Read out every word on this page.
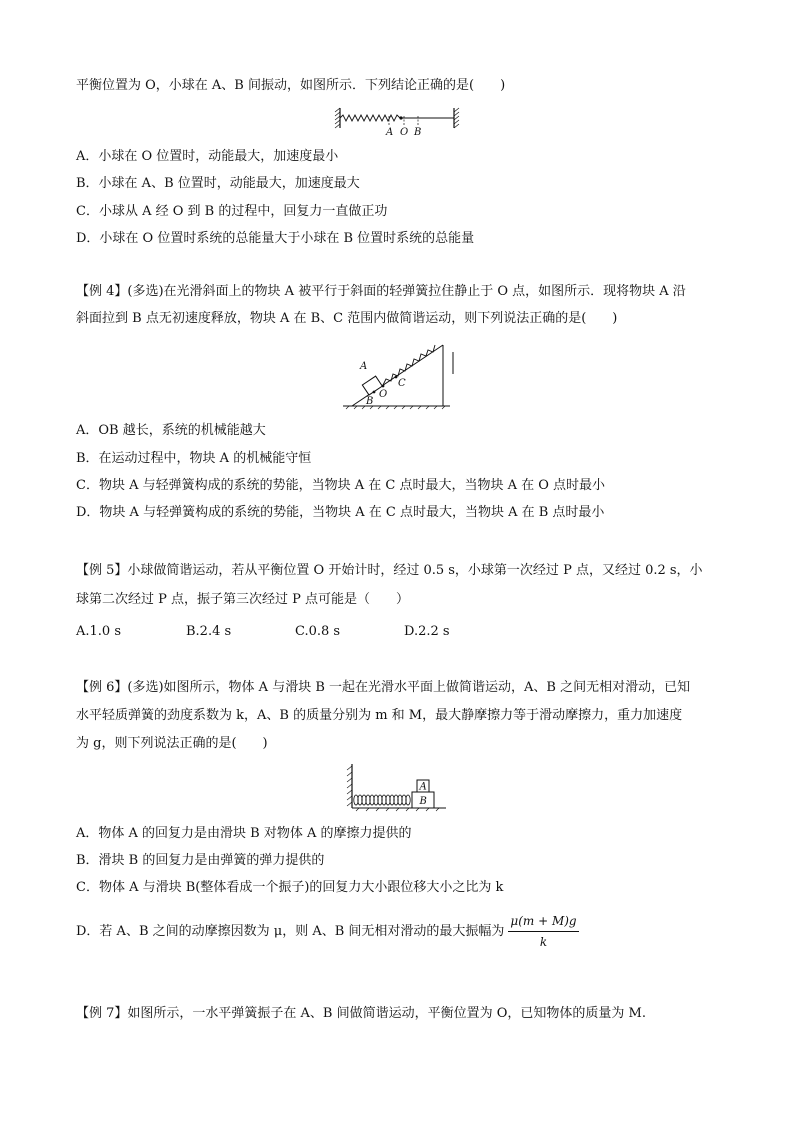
平衡位置为 O，小球在 A、B 间振动，如图所示．下列结论正确的是(　　)
A O B
A．小球在 O 位置时，动能最大，加速度最小
B．小球在 A、B 位置时，动能最大，加速度最大
C．小球从 A 经 O 到 B 的过程中，回复力一直做正功
D．小球在 O 位置时系统的总能量大于小球在 B 位置时系统的总能量
【例 4】(多选)在光滑斜面上的物块 A 被平行于斜面的轻弹簧拉住静止于 O 点，如图所示．现将物块 A 沿
斜面拉到 B 点无初速度释放，物块 A 在 B、C 范围内做简谐运动，则下列说法正确的是(　　)
A
O
C
B
A．OB 越长，系统的机械能越大
B．在运动过程中，物块 A 的机械能守恒
C．物块 A 与轻弹簧构成的系统的势能，当物块 A 在 C 点时最大，当物块 A 在 O 点时最小
D．物块 A 与轻弹簧构成的系统的势能，当物块 A 在 C 点时最大，当物块 A 在 B 点时最小
【例 5】小球做简谐运动，若从平衡位置 O 开始计时，经过 0.5 s，小球第一次经过 P 点，又经过 0.2 s，小
球第二次经过 P 点，振子第三次经过 P 点可能是（　　）
A.1.0 s	B.2.4 s	C.0.8 s	D.2.2 s
【例 6】(多选)如图所示，物体 A 与滑块 B 一起在光滑水平面上做简谐运动，A、B 之间无相对滑动，已知
水平轻质弹簧的劲度系数为 k，A、B 的质量分别为 m 和 M，最大静摩擦力等于滑动摩擦力，重力加速度
为 g，则下列说法正确的是(　　)
A
B
A．物体 A 的回复力是由滑块 B 对物体 A 的摩擦力提供的
B．滑块 B 的回复力是由弹簧的弹力提供的
C．物体 A 与滑块 B(整体看成一个振子)的回复力大小跟位移大小之比为 k
D．若 A、B 之间的动摩擦因数为 μ，则 A、B 间无相对滑动的最大振幅为 $\frac{\mu(m + M)g}{k}$
【例 7】如图所示，一水平弹簧振子在 A、B 间做简谐运动，平衡位置为 O，已知物体的质量为 M.
